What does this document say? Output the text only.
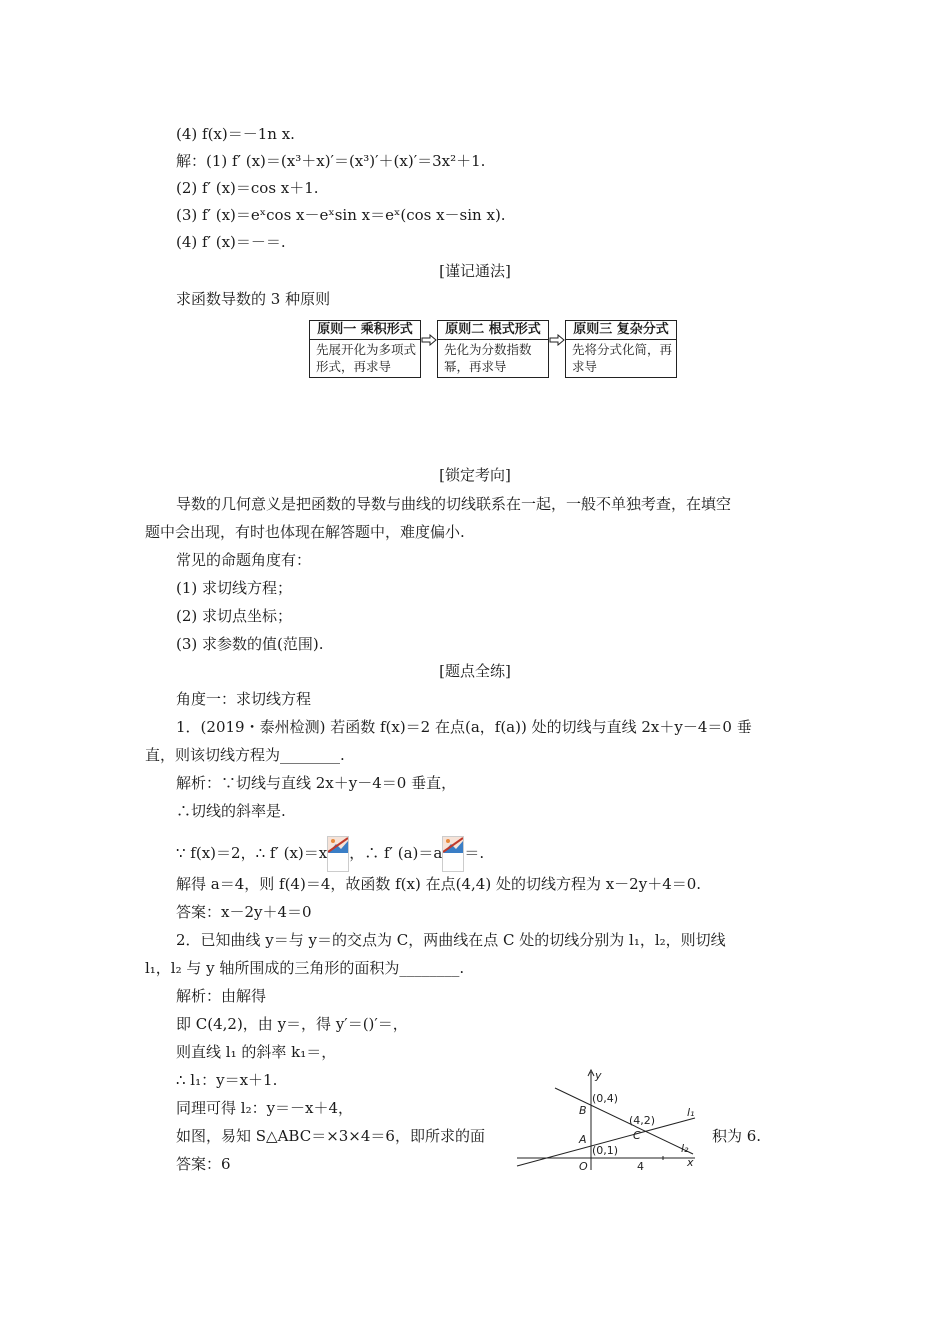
(4) f(x)＝－1n x.
解：(1) f′ (x)＝(x³＋x)′＝(x³)′＋(x)′＝3x²＋1.
(2) f′ (x)＝cos x＋1.
(3) f′ (x)＝eˣcos x－eˣsin x＝eˣ(cos x－sin x).
(4) f′ (x)＝－＝.
[谨记通法]
求函数导数的 3 种原则
原则一 乘积形式
先展开化为多项式形式，再求导
原则二 根式形式
先化为分数指数幂，再求导
原则三 复杂分式
先将分式化简，再求导
[锁定考向]
导数的几何意义是把函数的导数与曲线的切线联系在一起，一般不单独考查，在填空
题中会出现，有时也体现在解答题中，难度偏小.
常见的命题角度有：
(1) 求切线方程；
(2) 求切点坐标；
(3) 求参数的值(范围).
[题点全练]
角度一：求切线方程
1．(2019・泰州检测) 若函数 f(x)＝2 在点(a，f(a)) 处的切线与直线 2x＋y－4＝0 垂
直，则该切线方程为________.
解析：∵切线与直线 2x＋y－4＝0 垂直，
∴切线的斜率是.
∵ f(x)＝2，∴ f′ (x)＝x ，∴ f′ (a)＝a ＝.
解得 a＝4，则 f(4)＝4，故函数 f(x) 在点(4,4) 处的切线方程为 x－2y＋4＝0.
答案：x－2y＋4＝0
2．已知曲线 y＝与 y＝的交点为 C，两曲线在点 C 处的切线分别为 l₁，l₂，则切线
l₁，l₂ 与 y 轴所围成的三角形的面积为________.
解析：由解得
即 C(4,2)，由 y＝，得 y′＝()′＝，
则直线 l₁ 的斜率 k₁＝，
∴ l₁：y＝x＋1.
同理可得 l₂：y＝－x＋4，
如图，易知 S△ABC＝×3×4＝6，即所求的面	积为 6.
答案：6
y
x
B
(0,4)
A
(0,1)
C
(4,2)
O	4
l₁
l₂
